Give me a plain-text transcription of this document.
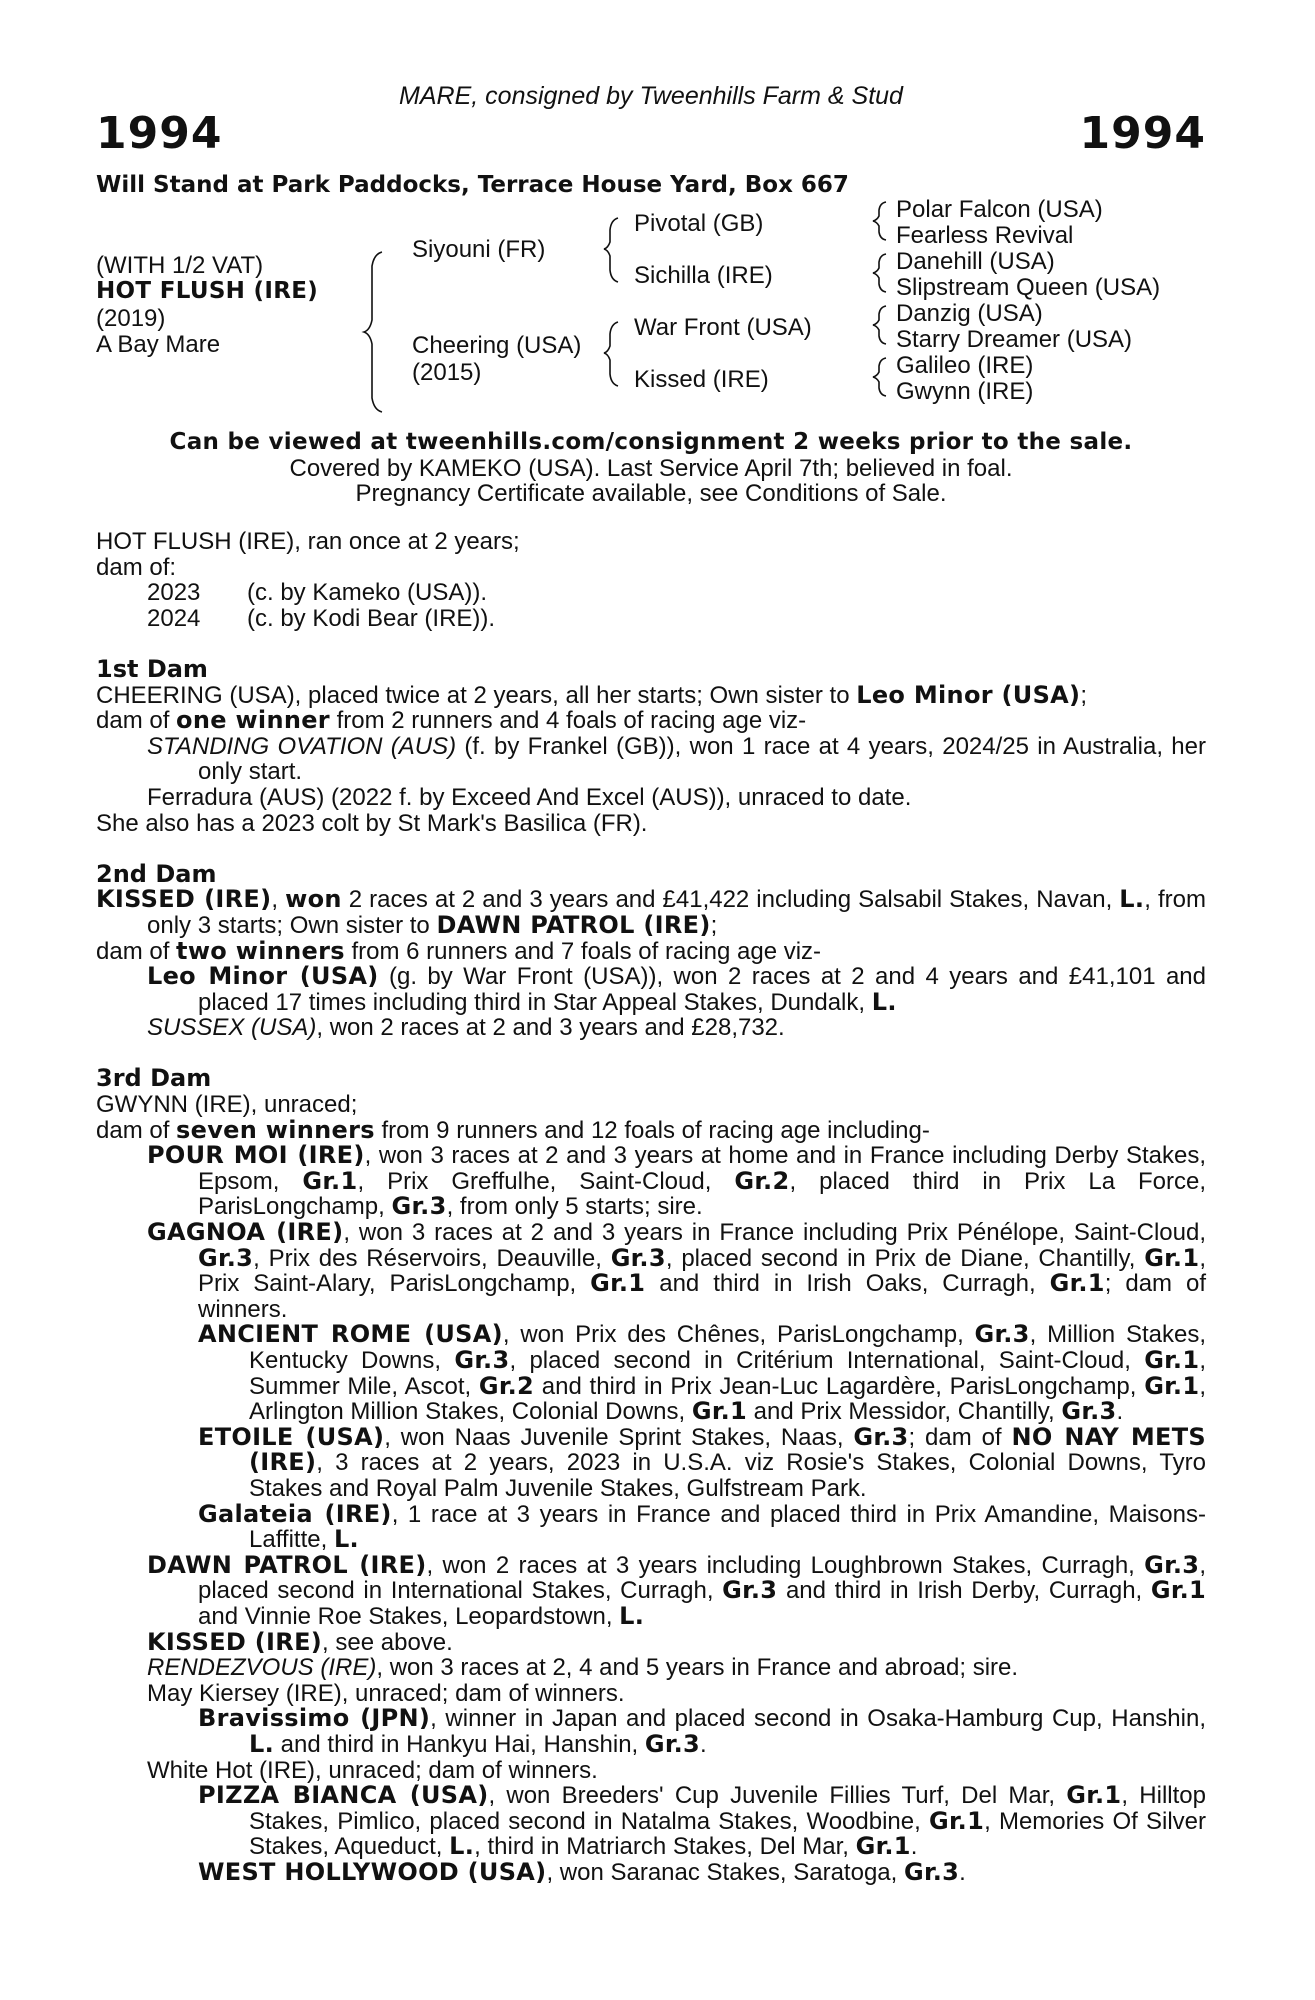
MARE, consigned by Tweenhills Farm & Stud
1994	1994
Will Stand at Park Paddocks, Terrace House Yard, Box 667
(WITH 1/2 VAT)
HOT FLUSH (IRE)
(2019)
A Bay Mare
Siyouni (FR)
Cheering (USA)
(2015)
Pivotal (GB)
Sichilla (IRE)
War Front (USA)
Kissed (IRE)
Polar Falcon (USA)
Fearless Revival
Danehill (USA)
Slipstream Queen (USA)
Danzig (USA)
Starry Dreamer (USA)
Galileo (IRE)
Gwynn (IRE)
Can be viewed at tweenhills.com/consignment 2 weeks prior to the sale.
Covered by KAMEKO (USA). Last Service April 7th; believed in foal.
Pregnancy Certificate available, see Conditions of Sale.

HOT FLUSH (IRE), ran once at 2 years;

dam of:

2023 (c. by Kameko (USA)).

2024 (c. by Kodi Bear (IRE)).

1st Dam

CHEERING (USA), placed twice at 2 years, all her starts; Own sister to Leo Minor (USA);

dam of one winner from 2 runners and 4 foals of racing age viz-

STANDING OVATION (AUS) (f. by Frankel (GB)), won 1 race at 4 years, 2024/25 in Australia, her only start.

Ferradura (AUS) (2022 f. by Exceed And Excel (AUS)), unraced to date.

She also has a 2023 colt by St Mark's Basilica (FR).

2nd Dam

KISSED (IRE), won 2 races at 2 and 3 years and £41,422 including Salsabil Stakes, Navan, L., from only 3 starts; Own sister to DAWN PATROL (IRE);

dam of two winners from 6 runners and 7 foals of racing age viz-

Leo Minor (USA) (g. by War Front (USA)), won 2 races at 2 and 4 years and £41,101 and placed 17 times including third in Star Appeal Stakes, Dundalk, L.

SUSSEX (USA), won 2 races at 2 and 3 years and £28,732.

3rd Dam

GWYNN (IRE), unraced;

dam of seven winners from 9 runners and 12 foals of racing age including-

POUR MOI (IRE), won 3 races at 2 and 3 years at home and in France including Derby Stakes, Epsom, Gr.1, Prix Greffulhe, Saint-Cloud, Gr.2, placed third in Prix La Force, ParisLongchamp, Gr.3, from only 5 starts; sire.

GAGNOA (IRE), won 3 races at 2 and 3 years in France including Prix Pénélope, Saint-Cloud, Gr.3, Prix des Réservoirs, Deauville, Gr.3, placed second in Prix de Diane, Chantilly, Gr.1, Prix Saint-Alary, ParisLongchamp, Gr.1 and third in Irish Oaks, Curragh, Gr.1; dam of winners.

ANCIENT ROME (USA), won Prix des Chênes, ParisLongchamp, Gr.3, Million Stakes, Kentucky Downs, Gr.3, placed second in Critérium International, Saint-Cloud, Gr.1, Summer Mile, Ascot, Gr.2 and third in Prix Jean-Luc Lagardère, ParisLongchamp, Gr.1, Arlington Million Stakes, Colonial Downs, Gr.1 and Prix Messidor, Chantilly, Gr.3.

ETOILE (USA), won Naas Juvenile Sprint Stakes, Naas, Gr.3; dam of NO NAY METS (IRE), 3 races at 2 years, 2023 in U.S.A. viz Rosie's Stakes, Colonial Downs, Tyro Stakes and Royal Palm Juvenile Stakes, Gulfstream Park.

Galateia (IRE), 1 race at 3 years in France and placed third in Prix Amandine, Maisons-Laffitte, L.

DAWN PATROL (IRE), won 2 races at 3 years including Loughbrown Stakes, Curragh, Gr.3, placed second in International Stakes, Curragh, Gr.3 and third in Irish Derby, Curragh, Gr.1 and Vinnie Roe Stakes, Leopardstown, L.

KISSED (IRE), see above.

RENDEZVOUS (IRE), won 3 races at 2, 4 and 5 years in France and abroad; sire.

May Kiersey (IRE), unraced; dam of winners.

Bravissimo (JPN), winner in Japan and placed second in Osaka-Hamburg Cup, Hanshin, L. and third in Hankyu Hai, Hanshin, Gr.3.

White Hot (IRE), unraced; dam of winners.

PIZZA BIANCA (USA), won Breeders' Cup Juvenile Fillies Turf, Del Mar, Gr.1, Hilltop Stakes, Pimlico, placed second in Natalma Stakes, Woodbine, Gr.1, Memories Of Silver Stakes, Aqueduct, L., third in Matriarch Stakes, Del Mar, Gr.1.

WEST HOLLYWOOD (USA), won Saranac Stakes, Saratoga, Gr.3.
